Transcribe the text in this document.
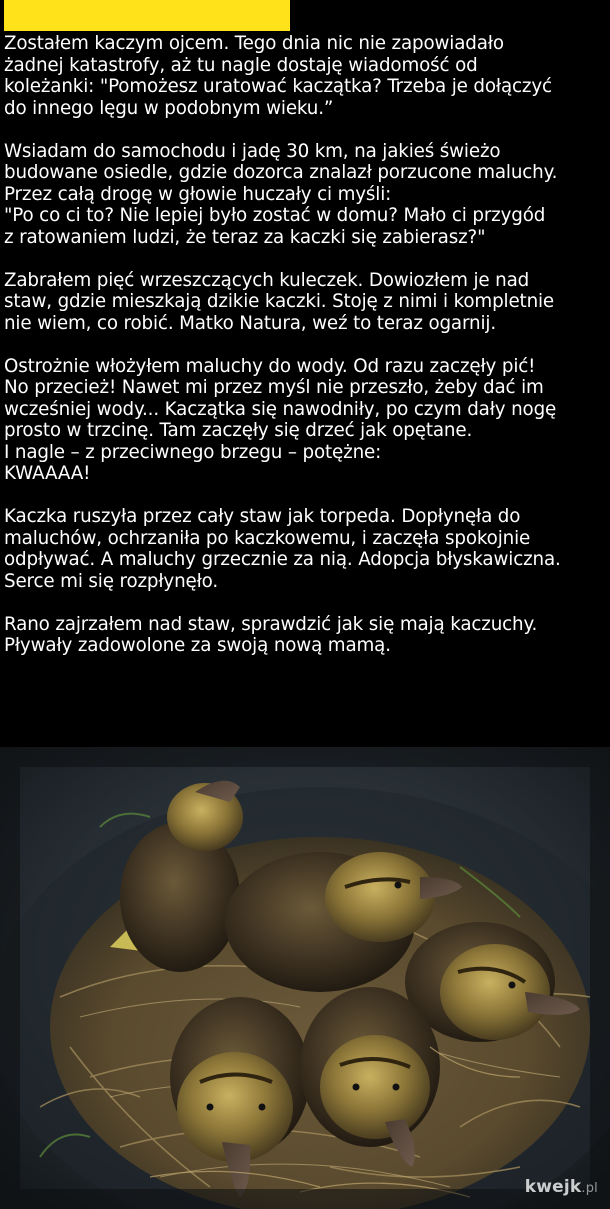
Zostałem kaczym ojcem. Tego dnia nic nie zapowiadało
żadnej katastrofy, aż tu nagle dostaję wiadomość od
koleżanki: "Pomożesz uratować kaczątka? Trzeba je dołączyć
do innego lęgu w podobnym wieku.”

Wsiadam do samochodu i jadę 30 km, na jakieś świeżo
budowane osiedle, gdzie dozorca znalazł porzucone maluchy.
Przez całą drogę w głowie huczały ci myśli:
"Po co ci to? Nie lepiej było zostać w domu? Mało ci przygód
z ratowaniem ludzi, że teraz za kaczki się zabierasz?"

Zabrałem pięć wrzeszczących kuleczek. Dowiozłem je nad
staw, gdzie mieszkają dzikie kaczki. Stoję z nimi i kompletnie
nie wiem, co robić. Matko Natura, weź to teraz ogarnij.

Ostrożnie włożyłem maluchy do wody. Od razu zaczęły pić!
No przecież! Nawet mi przez myśl nie przeszło, żeby dać im
wcześniej wody... Kaczątka się nawodniły, po czym dały nogę
prosto w trzcinę. Tam zaczęły się drzeć jak opętane.
I nagle – z przeciwnego brzegu – potężne:
KWAAAA!

Kaczka ruszyła przez cały staw jak torpeda. Dopłynęła do
maluchów, ochrzaniła po kaczkowemu, i zaczęła spokojnie
odpływać. A maluchy grzecznie za nią. Adopcja błyskawiczna.
Serce mi się rozpłynęło.

Rano zajrzałem nad staw, sprawdzić jak się mają kaczuchy.
Pływały zadowolone za swoją nową mamą.

kwejk.pl
